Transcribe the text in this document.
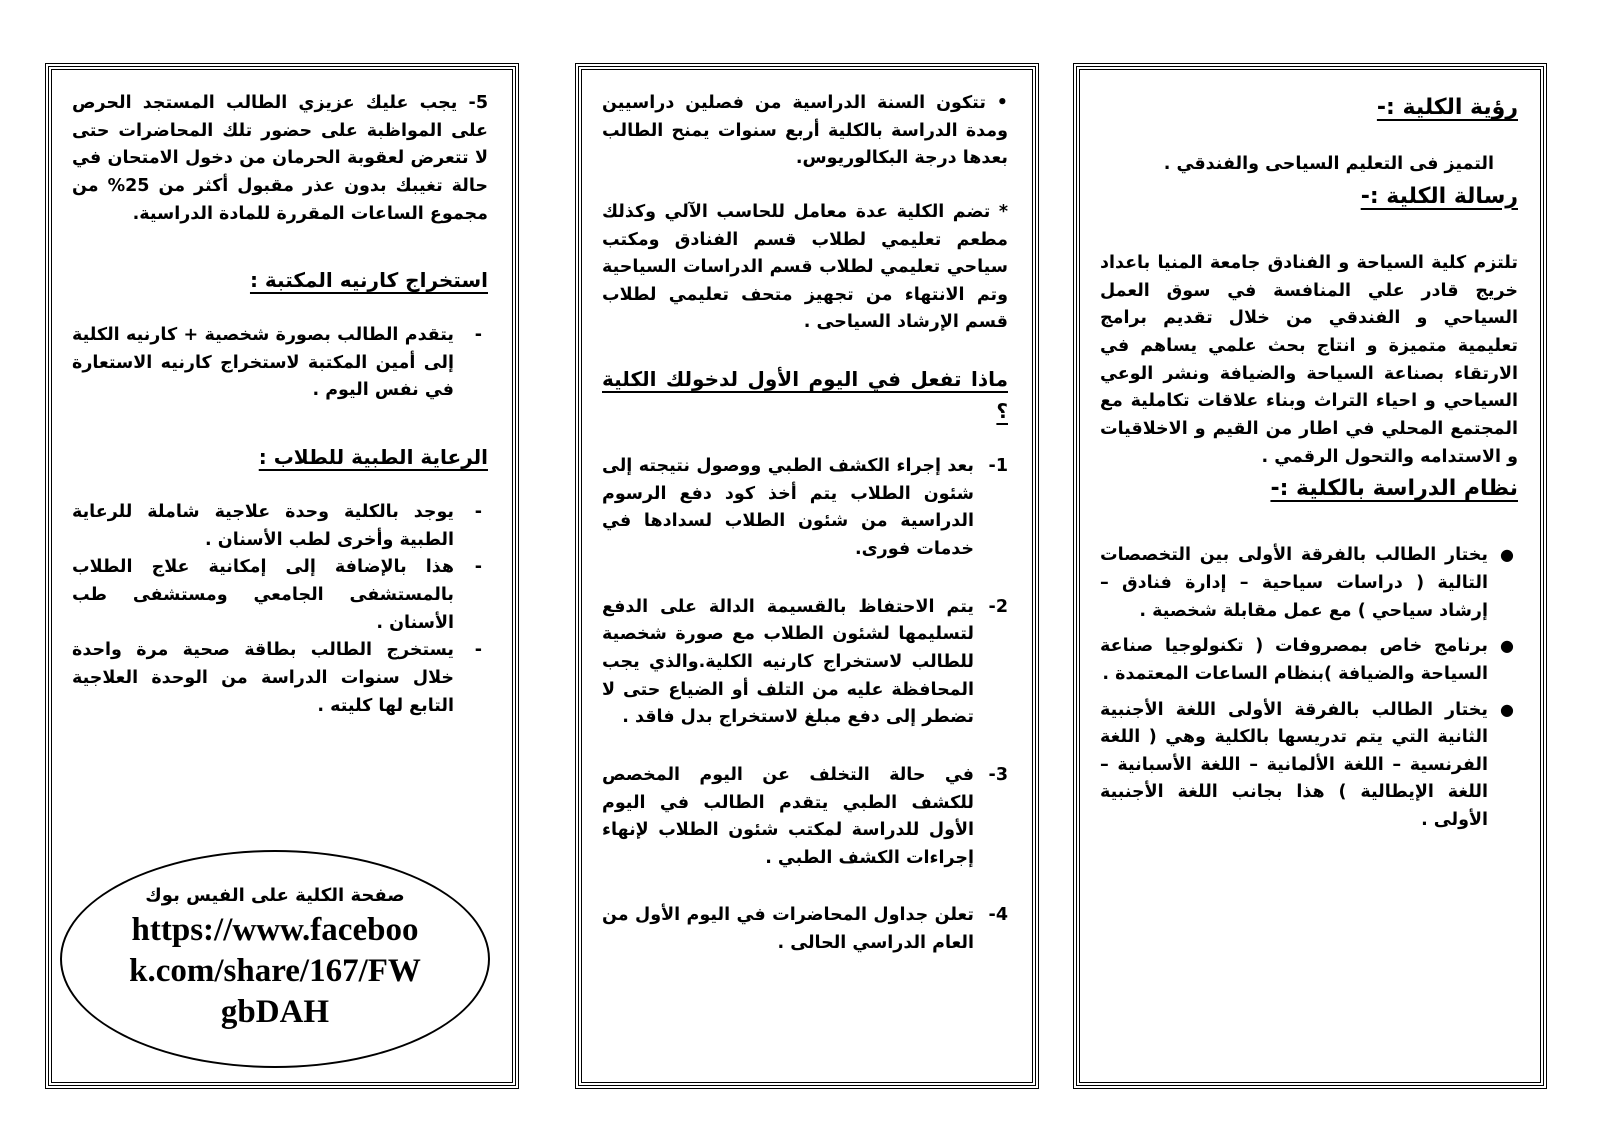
5- يجب عليك عزيزي الطالب المستجد الحرص على المواظبة على حضور تلك المحاضرات حتى لا تتعرض لعقوبة الحرمان من دخول الامتحان في حالة تغيبك بدون عذر مقبول أكثر من 25% من مجموع الساعات المقررة للمادة الدراسية.

استخراج كارنيه المكتبة :
-
يتقدم الطالب بصورة شخصية + كارنيه الكلية إلى أمين المكتبة لاستخراج كارنيه الاستعارة في نفس اليوم .
الرعاية الطبية للطلاب :
-
يوجد بالكلية وحدة علاجية شاملة للرعاية الطبية وأخرى لطب الأسنان .
-
هذا بالإضافة إلى إمكانية علاج الطلاب بالمستشفى الجامعي ومستشفى طب الأسنان .
-
يستخرج الطالب بطاقة صحية مرة واحدة خلال سنوات الدراسة من الوحدة العلاجية التابع لها كليته .
صفحة الكلية على الفيس بوك
https://www.facebook.com/share/167/FWgbDAH

• تتكون السنة الدراسية من فصلين دراسيين ومدة الدراسة بالكلية أربع سنوات يمنح الطالب بعدها درجة البكالوريوس.

* تضم الكلية عدة معامل للحاسب الآلي وكذلك مطعم تعليمي لطلاب قسم الفنادق ومكتب سياحي تعليمي لطلاب قسم الدراسات السياحية وتم الانتهاء من تجهيز متحف تعليمي لطلاب قسم الإرشاد السياحى .

ماذا تفعل في اليوم الأول لدخولك الكلية ؟
1-
بعد إجراء الكشف الطبي ووصول نتيجته إلى شئون الطلاب يتم أخذ كود دفع الرسوم الدراسية من شئون الطلاب لسدادها في خدمات فورى.
2-
يتم الاحتفاظ بالقسيمة الدالة على الدفع لتسليمها لشئون الطلاب مع صورة شخصية للطالب لاستخراج كارنيه الكلية.والذي يجب المحافظة عليه من التلف أو الضياع حتى لا تضطر إلى دفع مبلغ لاستخراج بدل فاقد .
3-
في حالة التخلف عن اليوم المخصص للكشف الطبي يتقدم الطالب في اليوم الأول للدراسة لمكتب شئون الطلاب لإنهاء إجراءات الكشف الطبي .
4-
تعلن جداول المحاضرات في اليوم الأول من العام الدراسي الحالى .
رؤية الكلية :-

التميز فى التعليم السياحى والفندقي .

رسالة الكلية :-

تلتزم كلية السياحة و الفنادق جامعة المنيا باعداد خريج قادر علي المنافسة في سوق العمل السياحي و الفندقي من خلال تقديم برامج تعليمية متميزة و انتاج بحث علمي يساهم في الارتقاء بصناعة السياحة والضيافة ونشر الوعي السياحي و احياء التراث وبناء علاقات تكاملية مع المجتمع المحلي في اطار من القيم و الاخلاقيات و الاستدامه والتحول الرقمي .

نظام الدراسة بالكلية :-
●
يختار الطالب بالفرقة الأولى بين التخصصات التالية ( دراسات سياحية – إدارة فنادق – إرشاد سياحي ) مع عمل مقابلة شخصية .
●
برنامج خاص بمصروفات ( تكنولوجيا صناعة السياحة والضيافة )بنظام الساعات المعتمدة .
●
يختار الطالب بالفرقة الأولى اللغة الأجنبية الثانية التي يتم تدريسها بالكلية وهي ( اللغة الفرنسية – اللغة الألمانية – اللغة الأسبانية – اللغة الإيطالية ) هذا بجانب اللغة الأجنبية الأولى .
